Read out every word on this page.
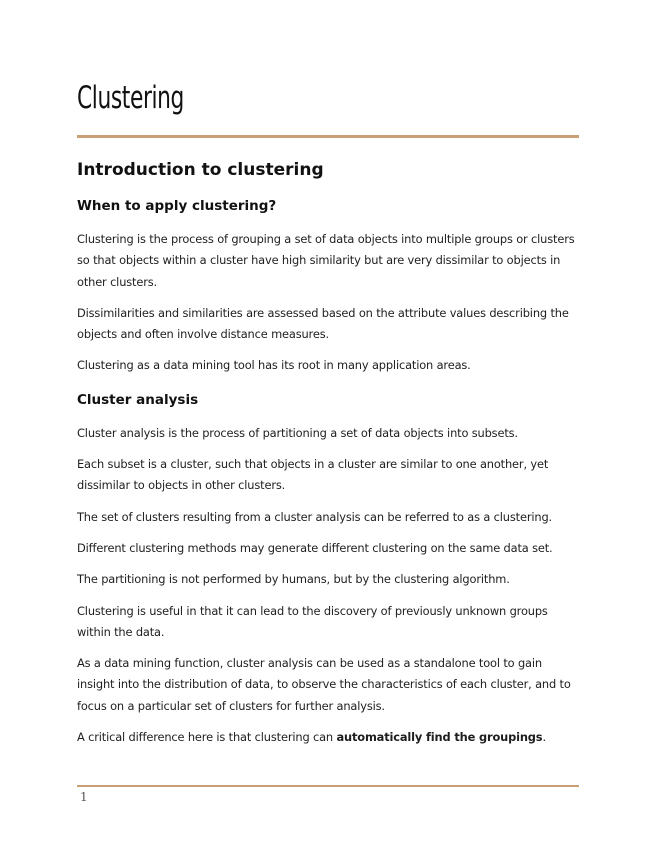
Clustering
Introduction to clustering
When to apply clustering?

Clustering is the process of grouping a set of data objects into multiple groups or clusters so that objects within a cluster have high similarity but are very dissimilar to objects in other clusters.

Dissimilarities and similarities are assessed based on the attribute values describing the objects and often involve distance measures.

Clustering as a data mining tool has its root in many application areas.

Cluster analysis

Cluster analysis is the process of partitioning a set of data objects into subsets.

Each subset is a cluster, such that objects in a cluster are similar to one another, yet dissimilar to objects in other clusters.

The set of clusters resulting from a cluster analysis can be referred to as a clustering.

Different clustering methods may generate different clustering on the same data set.

The partitioning is not performed by humans, but by the clustering algorithm.

Clustering is useful in that it can lead to the discovery of previously unknown groups within the data.

As a data mining function, cluster analysis can be used as a standalone tool to gain insight into the distribution of data, to observe the characteristics of each cluster, and to focus on a particular set of clusters for further analysis.

A critical difference here is that clustering can automatically find the groupings.

1
